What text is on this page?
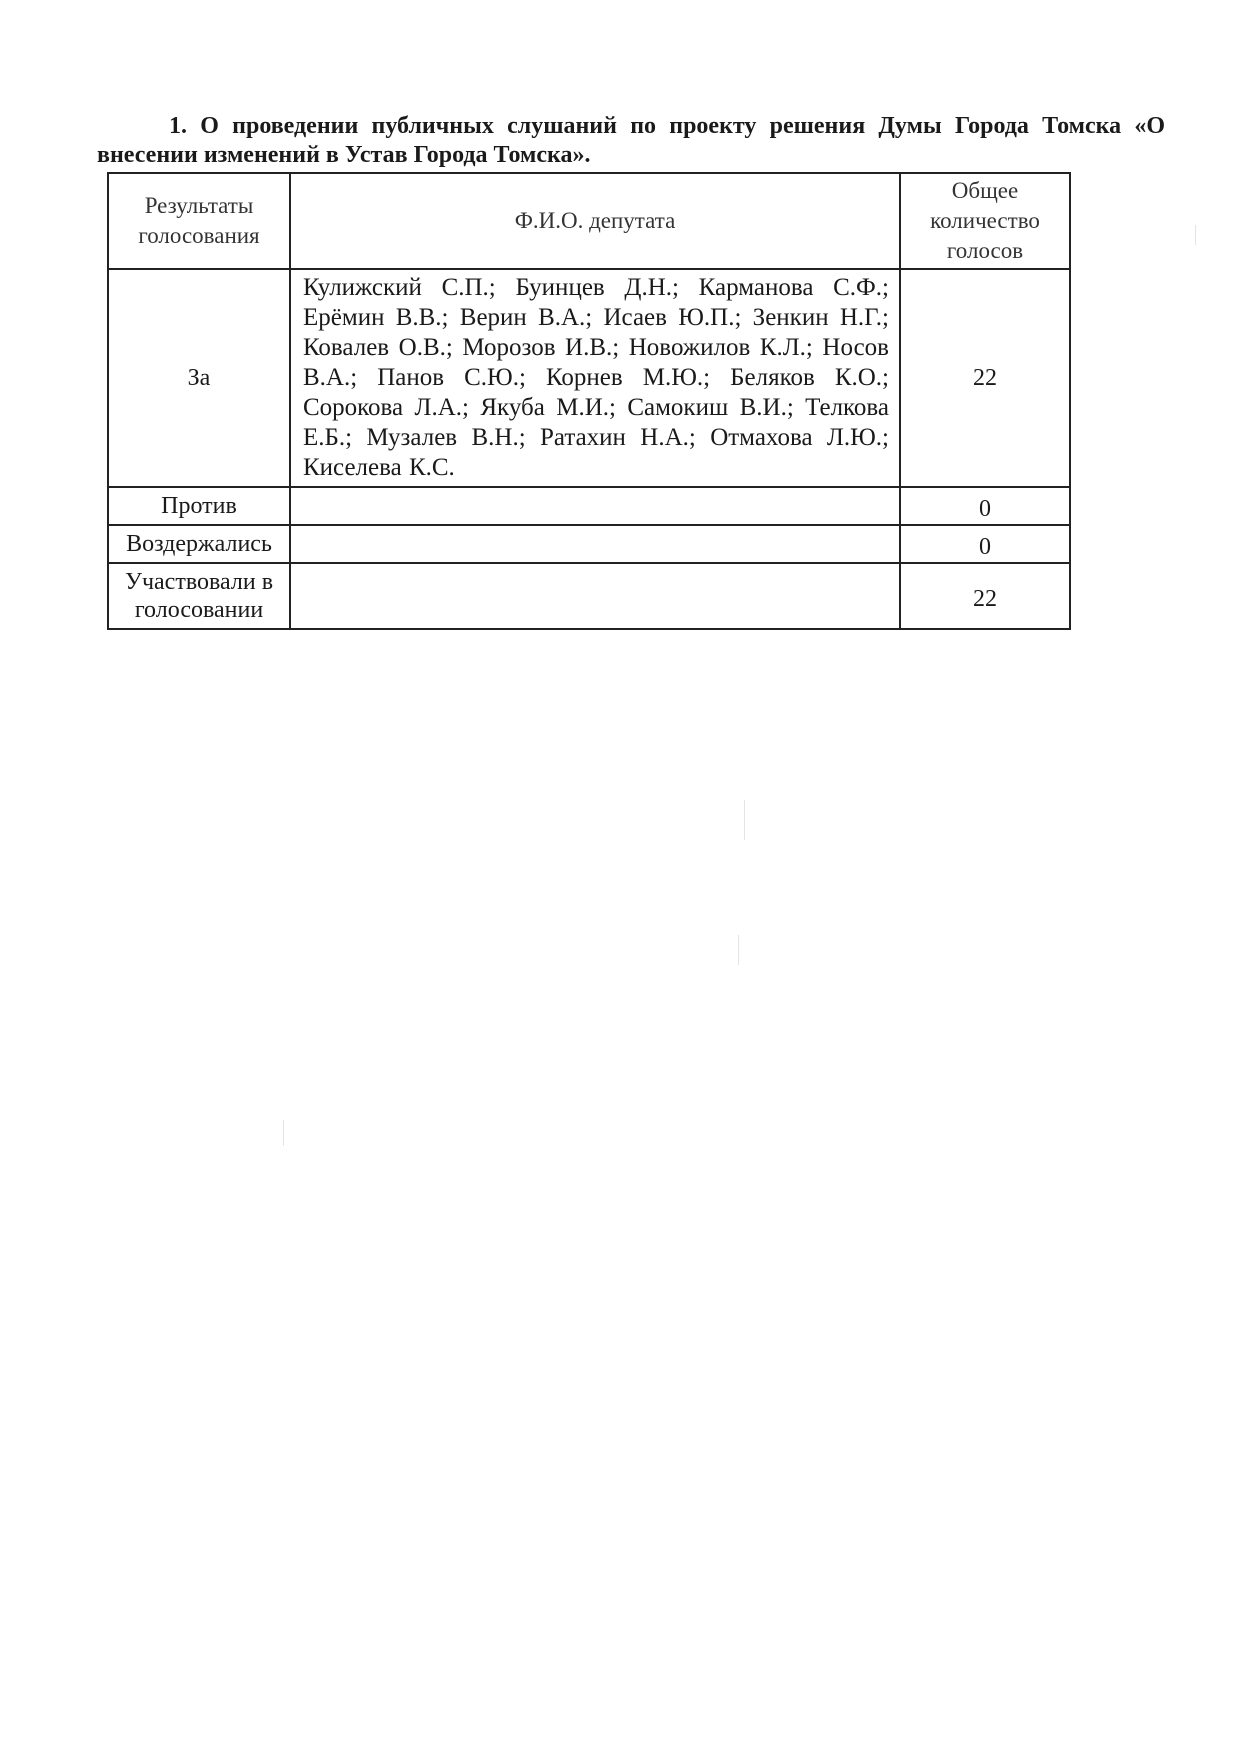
1. О проведении публичных слушаний по проекту решения Думы Города Томска «О внесении изменений в Устав Города Томска».

Результаты голосования	Ф.И.О. депутата	Общее количество голосов
За	Кулижский С.П.; Буинцев Д.Н.; Карманова С.Ф.; Ерёмин В.В.; Верин В.А.; Исаев Ю.П.; Зенкин Н.Г.; Ковалев О.В.; Морозов И.В.; Новожилов К.Л.; Носов В.А.; Панов С.Ю.; Корнев М.Ю.; Беляков К.О.; Сорокова Л.А.; Якуба М.И.; Самокиш В.И.; Телкова Е.Б.; Музалев В.Н.; Ратахин Н.А.; Отмахова Л.Ю.; Киселева К.С.	22
Против		0
Воздержались		0
Участвовали в голосовании		22
